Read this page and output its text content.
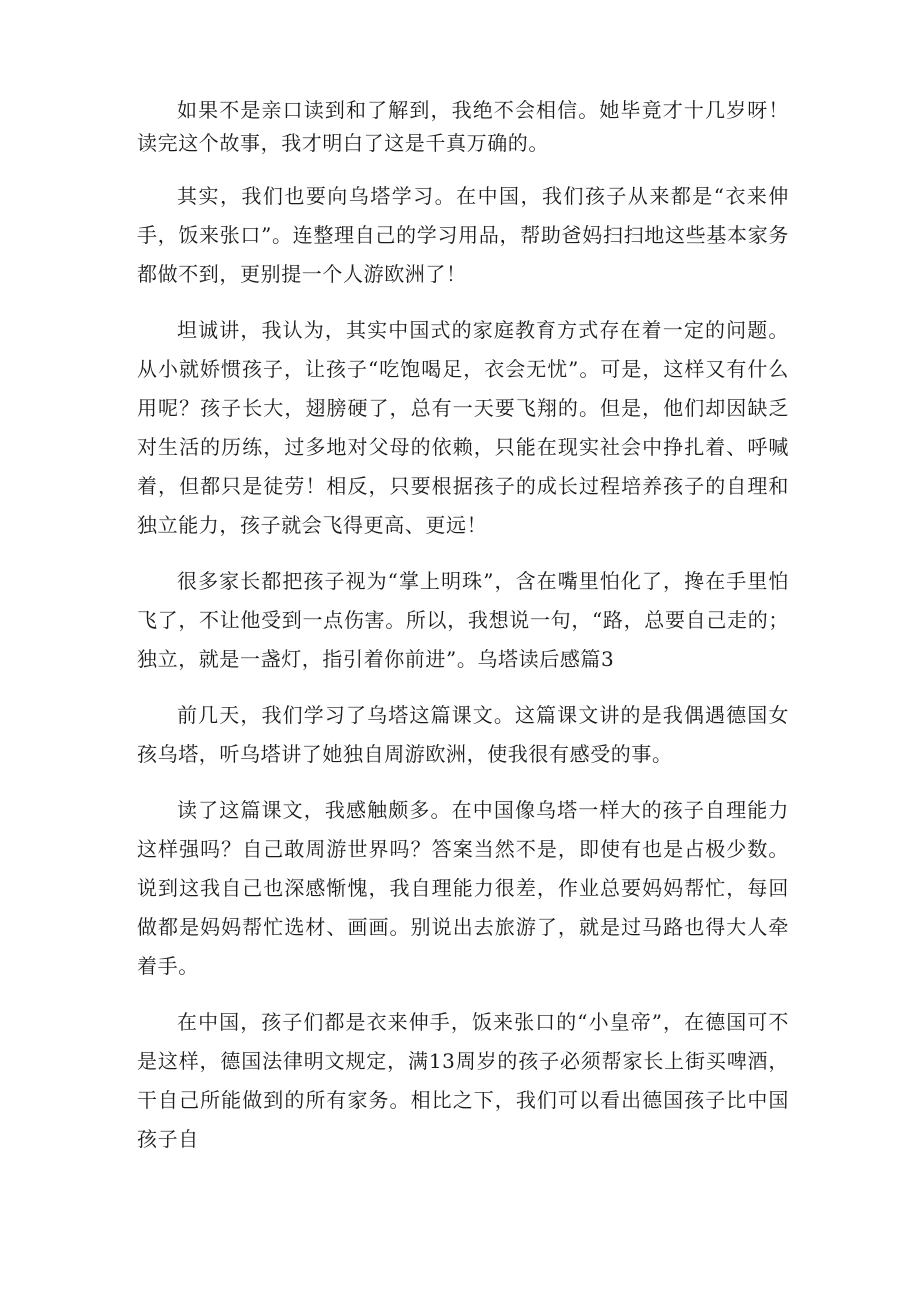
如果不是亲口读到和了解到，我绝不会相信。她毕竟才十几岁呀！读完这个故事，我才明白了这是千真万确的。

其实，我们也要向乌塔学习。在中国，我们孩子从来都是“衣来伸手，饭来张口”。连整理自己的学习用品，帮助爸妈扫扫地这些基本家务都做不到，更别提一个人游欧洲了！

坦诚讲，我认为，其实中国式的家庭教育方式存在着一定的问题。从小就娇惯孩子，让孩子“吃饱喝足，衣会无忧”。可是，这样又有什么用呢？孩子长大，翅膀硬了，总有一天要飞翔的。但是，他们却因缺乏对生活的历练，过多地对父母的依赖，只能在现实社会中挣扎着、呼喊着，但都只是徒劳！相反，只要根据孩子的成长过程培养孩子的自理和独立能力，孩子就会飞得更高、更远！

很多家长都把孩子视为“掌上明珠”，含在嘴里怕化了，搀在手里怕飞了，不让他受到一点伤害。所以，我想说一句，“路，总要自己走的；独立，就是一盏灯，指引着你前进”。乌塔读后感篇3

前几天，我们学习了乌塔这篇课文。这篇课文讲的是我偶遇德国女孩乌塔，听乌塔讲了她独自周游欧洲，使我很有感受的事。

读了这篇课文，我感触颇多。在中国像乌塔一样大的孩子自理能力这样强吗？自己敢周游世界吗？答案当然不是，即使有也是占极少数。说到这我自己也深感惭愧，我自理能力很差，作业总要妈妈帮忙，每回做都是妈妈帮忙选材、画画。别说出去旅游了，就是过马路也得大人牵着手。

在中国，孩子们都是衣来伸手，饭来张口的“小皇帝”，在德国可不是这样，德国法律明文规定，满13周岁的孩子必须帮家长上街买啤酒，干自己所能做到的所有家务。相比之下，我们可以看出德国孩子比中国孩子自
